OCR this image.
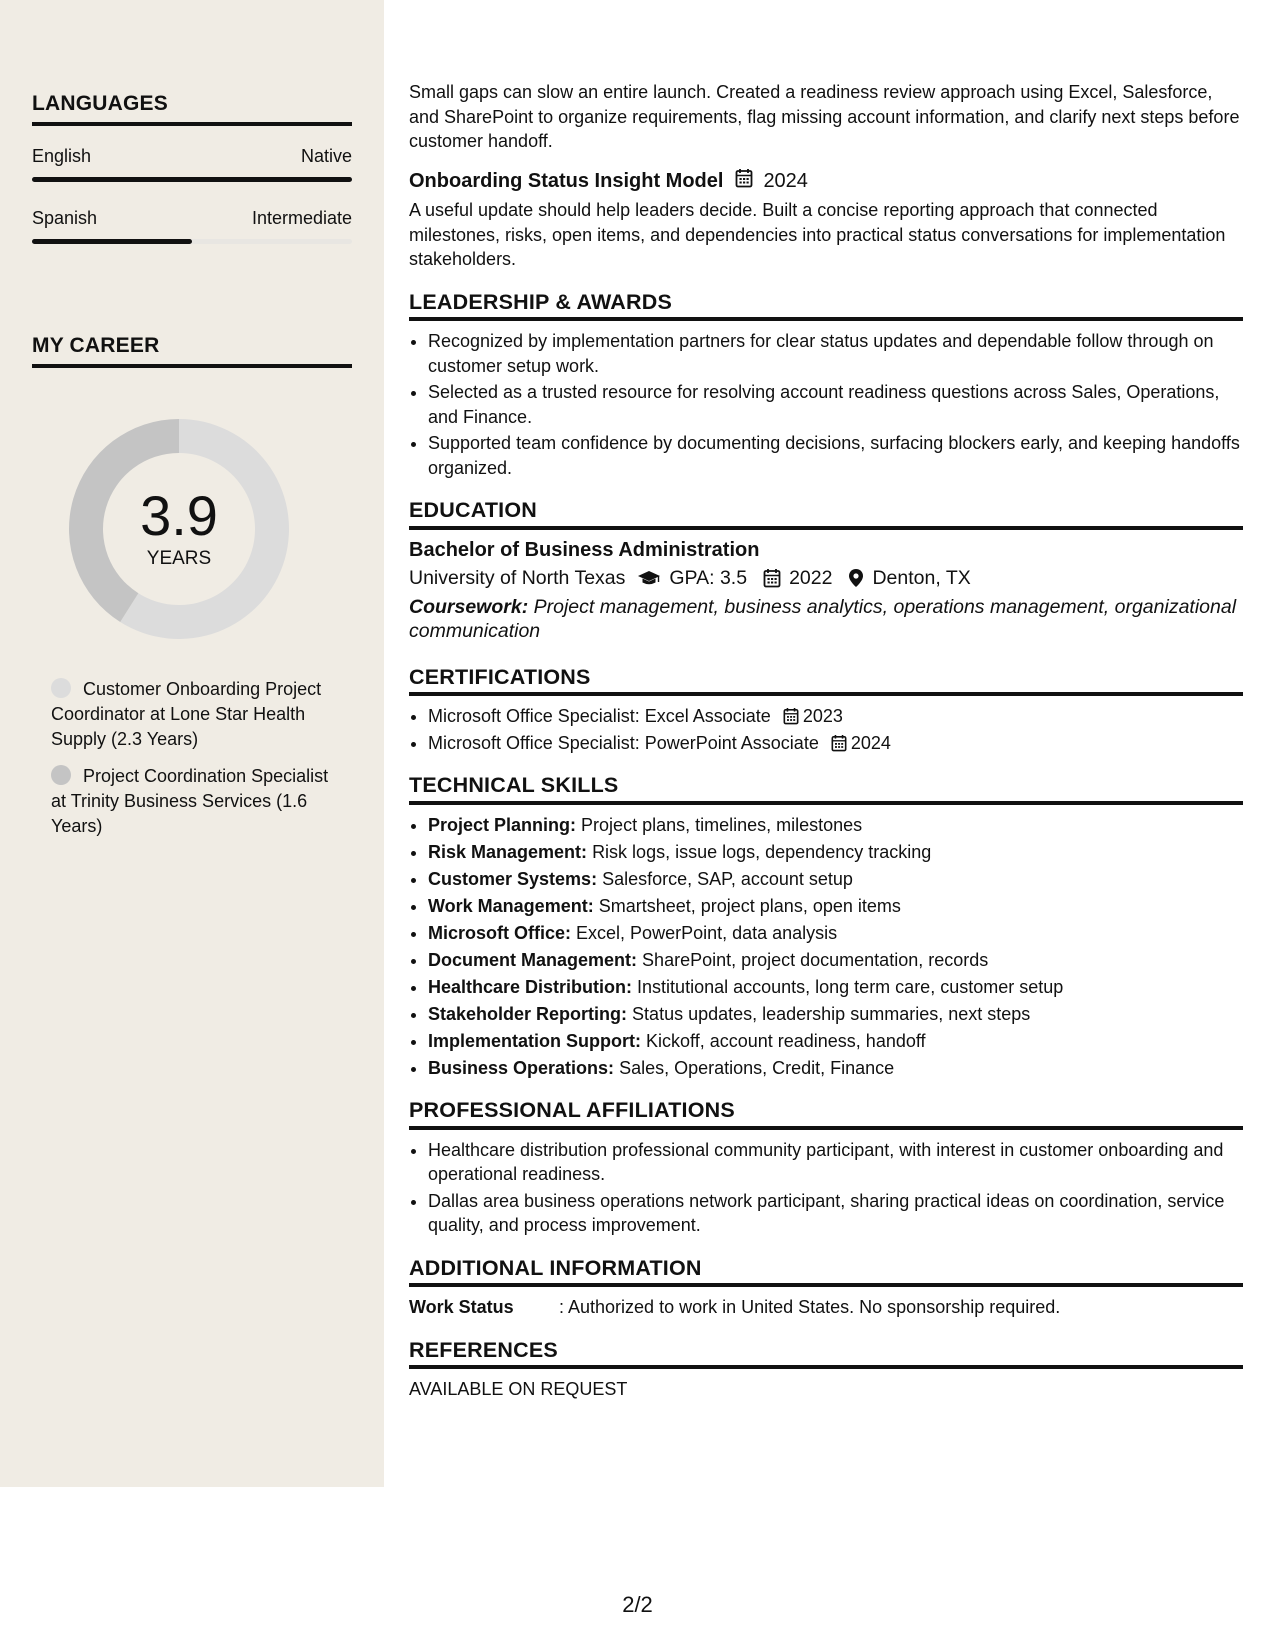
LANGUAGES
English	Native
Spanish	Intermediate
MY CAREER
3.9
YEARS
Customer Onboarding Project Coordinator at Lone Star Health Supply (2.3 Years)
Project Coordination Specialist at Trinity Business Services (1.6 Years)

Small gaps can slow an entire launch. Created a readiness review approach using Excel, Salesforce, and SharePoint to organize requirements, flag missing account information, and clarify next steps before customer handoff.

Onboarding Status Insight Model 2024

A useful update should help leaders decide. Built a concise reporting approach that connected milestones, risks, open items, and dependencies into practical status conversations for implementation stakeholders.

LEADERSHIP & AWARDS
• Recognized by implementation partners for clear status updates and dependable follow through on customer setup work.
• Selected as a trusted resource for resolving account readiness questions across Sales, Operations, and Finance.
• Supported team confidence by documenting decisions, surfacing blockers early, and keeping handoffs organized.
EDUCATION
Bachelor of Business Administration
University of North Texas GPA: 3.5 2022 Denton, TX
Coursework: Project management, business analytics, operations management, organizational communication
CERTIFICATIONS
• Microsoft Office Specialist: Excel Associate 2023
• Microsoft Office Specialist: PowerPoint Associate 2024
TECHNICAL SKILLS
• Project Planning: Project plans, timelines, milestones
• Risk Management: Risk logs, issue logs, dependency tracking
• Customer Systems: Salesforce, SAP, account setup
• Work Management: Smartsheet, project plans, open items
• Microsoft Office: Excel, PowerPoint, data analysis
• Document Management: SharePoint, project documentation, records
• Healthcare Distribution: Institutional accounts, long term care, customer setup
• Stakeholder Reporting: Status updates, leadership summaries, next steps
• Implementation Support: Kickoff, account readiness, handoff
• Business Operations: Sales, Operations, Credit, Finance
PROFESSIONAL AFFILIATIONS
• Healthcare distribution professional community participant, with interest in customer onboarding and operational readiness.
• Dallas area business operations network participant, sharing practical ideas on coordination, service quality, and process improvement.
ADDITIONAL INFORMATION
Work Status	: Authorized to work in United States. No sponsorship required.
REFERENCES
AVAILABLE ON REQUEST
2/2
